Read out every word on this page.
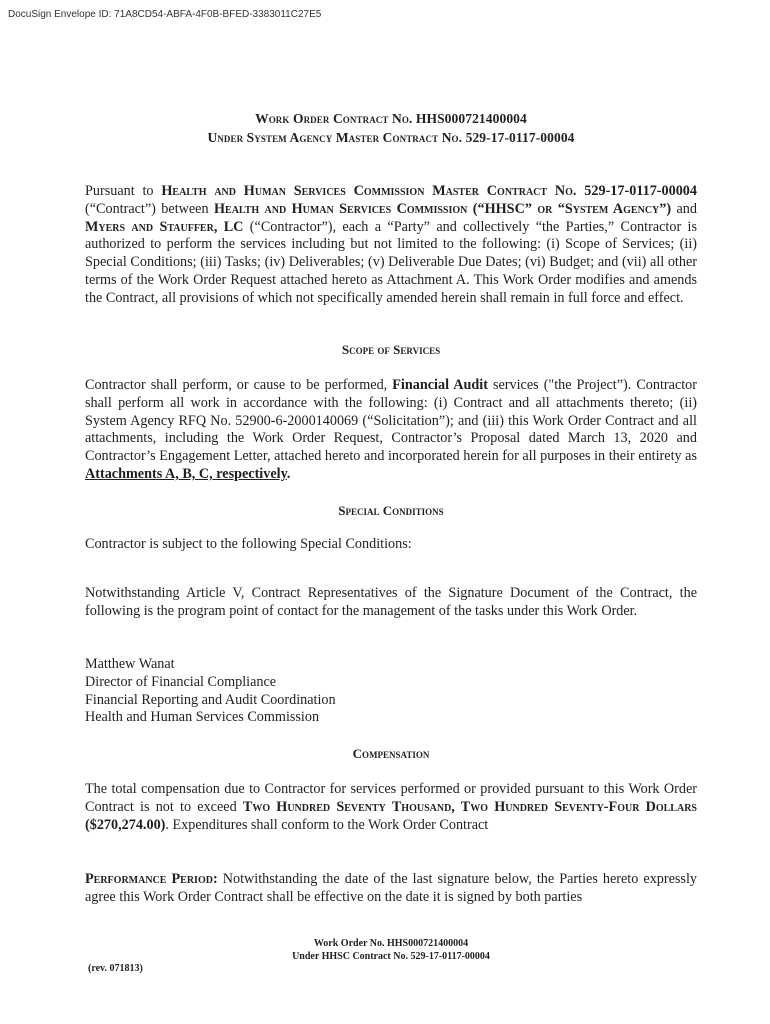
DocuSign Envelope ID: 71A8CD54-ABFA-4F0B-BFED-3383011C27E5
Work Order Contract No. HHS000721400004
Under System Agency Master Contract No. 529-17-0117-00004
Pursuant to Health and Human Services Commission Master Contract No. 529-17-0117-00004 (“Contract”) between Health and Human Services Commission (“HHSC” or “System Agency”) and Myers and Stauffer, LC (“Contractor”), each a “Party” and collectively “the Parties,” Contractor is authorized to perform the services including but not limited to the following: (i) Scope of Services; (ii) Special Conditions; (iii) Tasks; (iv) Deliverables; (v) Deliverable Due Dates; (vi) Budget; and (vii) all other terms of the Work Order Request attached hereto as Attachment A. This Work Order modifies and amends the Contract, all provisions of which not specifically amended herein shall remain in full force and effect.
Scope of Services
Contractor shall perform, or cause to be performed, Financial Audit services ("the Project”). Contractor shall perform all work in accordance with the following: (i) Contract and all attachments thereto; (ii) System Agency RFQ No. 52900-6-2000140069 (“Solicitation”); and (iii) this Work Order Contract and all attachments, including the Work Order Request, Contractor’s Proposal dated March 13, 2020 and Contractor’s Engagement Letter, attached hereto and incorporated herein for all purposes in their entirety as Attachments A, B, C, respectively.
Special Conditions
Contractor is subject to the following Special Conditions:
Notwithstanding Article V, Contract Representatives of the Signature Document of the Contract, the following is the program point of contact for the management of the tasks under this Work Order.
Matthew Wanat
Director of Financial Compliance
Financial Reporting and Audit Coordination
Health and Human Services Commission
Compensation
The total compensation due to Contractor for services performed or provided pursuant to this Work Order Contract is not to exceed Two Hundred Seventy Thousand, Two Hundred Seventy-Four Dollars ($270,274.00). Expenditures shall conform to the Work Order Contract
Performance Period: Notwithstanding the date of the last signature below, the Parties hereto expressly agree this Work Order Contract shall be effective on the date it is signed by both parties
Work Order No. HHS000721400004
Under HHSC Contract No. 529-17-0117-00004
(rev. 071813)
